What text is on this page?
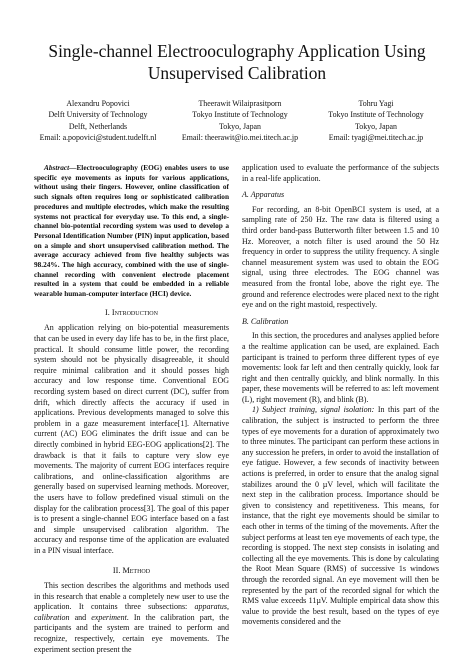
Single-channel Electrooculography Application Using Unsupervised Calibration
Alexandru Popovici
Delft University of Technology
Delft, Netherlands
Email: a.popovici@student.tudelft.nl
Theerawit Wilaiprasitporn
Tokyo Institute of Technology
Tokyo, Japan
Email: theerawit@io.mei.titech.ac.jp
Tohru Yagi
Tokyo Institute of Technology
Tokyo, Japan
Email: tyagi@mei.titech.ac.jp

Abstract—Electrooculography (EOG) enables users to use specific eye movements as inputs for various applications, without using their fingers. However, online classification of such signals often requires long or sophisticated calibration procedures and multiple electrodes, which make the resulting systems not practical for everyday use. To this end, a single-channel bio-potential recording system was used to develop a Personal Identification Number (PIN) input application, based on a simple and short unsupervised calibration method. The average accuracy achieved from five healthy subjects was 98.24%. The high accuracy, combined with the use of single-channel recording with convenient electrode placement resulted in a system that could be embedded in a reliable wearable human-computer interface (HCI) device.

I. Introduction

An application relying on bio-potential measurements that can be used in every day life has to be, in the first place, practical. It should consume little power, the recording system should not be physically disagreeable, it should require minimal calibration and it should posses high accuracy and low response time. Conventional EOG recording system based on direct current (DC), suffer from drift, which directly affects the accuracy if used in applications. Previous developments managed to solve this problem in a gaze measurement interface[1]. Alternative current (AC) EOG eliminates the drift issue and can be directly combined in hybrid EEG-EOG applications[2]. The drawback is that it fails to capture very slow eye movements. The majority of current EOG interfaces require calibrations, and online-classification algorithms are generally based on supervised learning methods. Moreover, the users have to follow predefined visual stimuli on the display for the calibration process[3]. The goal of this paper is to present a single-channel EOG interface based on a fast and simple unsupervised calibration algorithm. The accuracy and response time of the application are evaluated in a PIN visual interface.

II. Method

This section describes the algorithms and methods used in this research that enable a completely new user to use the application. It contains three subsections: apparatus, calibration and experiment. In the calibration part, the participants and the system are trained to perform and recognize, respectively, certain eye movements. The experiment section present the

application used to evaluate the performance of the subjects in a real-life application.

A. Apparatus

For recording, an 8-bit OpenBCI system is used, at a sampling rate of 250 Hz. The raw data is filtered using a third order band-pass Butterworth filter between 1.5 and 10 Hz. Moreover, a notch filter is used around the 50 Hz frequency in order to suppress the utility frequency. A single channel measurement system was used to obtain the EOG signal, using three electrodes. The EOG channel was measured from the frontal lobe, above the right eye. The ground and reference electrodes were placed next to the right eye and on the right mastoid, respectively.

B. Calibration

In this section, the procedures and analyses applied before a the realtime application can be used, are explained. Each participant is trained to perform three different types of eye movements: look far left and then centrally quickly, look far right and then centrally quickly, and blink normally. In this paper, these movements will be referred to as: left movement (L), right movement (R), and blink (B).

1) Subject training, signal isolation: In this part of the calibration, the subject is instructed to perform the three types of eye movements for a duration of approximately two to three minutes. The participant can perform these actions in any succession he prefers, in order to avoid the installation of eye fatigue. However, a few seconds of inactivity between actions is preferred, in order to ensure that the analog signal stabilizes around the 0 µV level, which will facilitate the next step in the calibration process. Importance should be given to consistency and repetitiveness. This means, for instance, that the right eye movements should be similar to each other in terms of the timing of the movements. After the subject performs at least ten eye movements of each type, the recording is stopped. The next step consists in isolating and collecting all the eye movements. This is done by calculating the Root Mean Square (RMS) of successive 1s windows through the recorded signal. An eye movement will then be represented by the part of the recorded signal for which the RMS value exceeds 11µV. Multiple empirical data show this value to provide the best result, based on the types of eye movements considered and the
